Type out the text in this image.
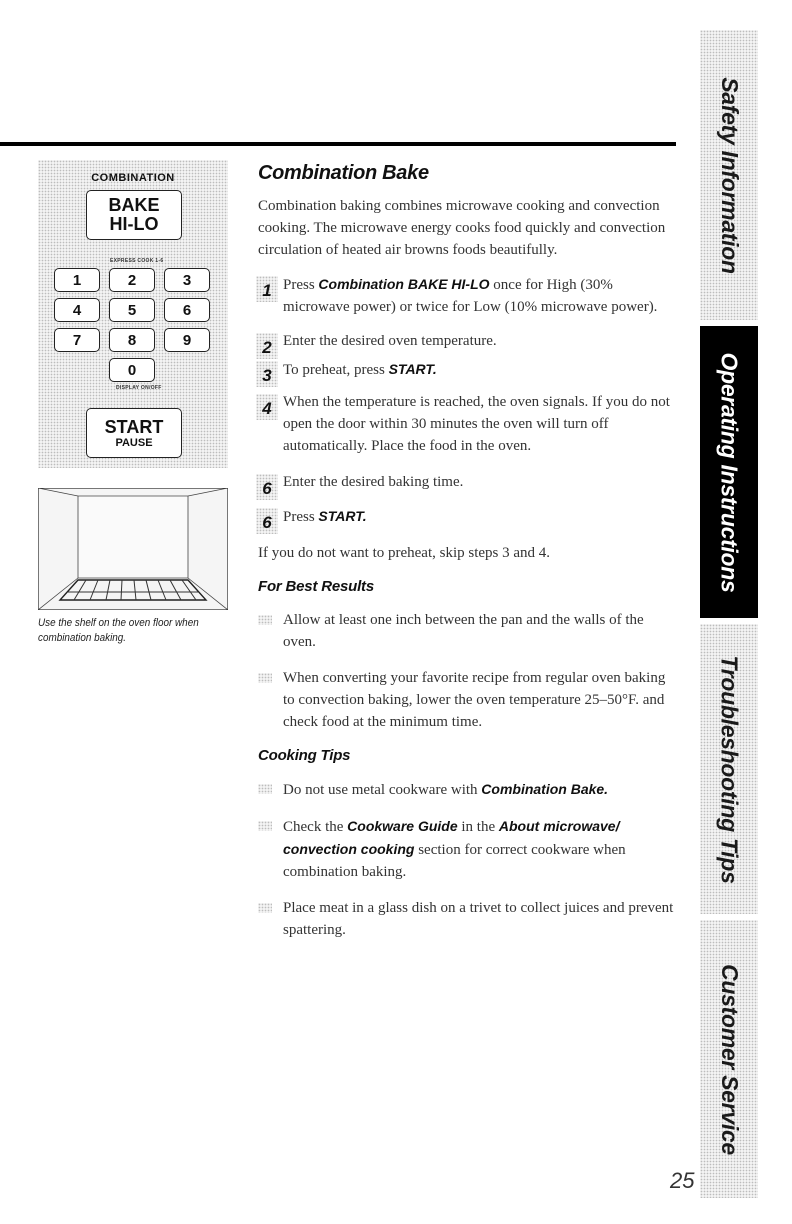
Safety Information
Operating Instructions
Troubleshooting Tips
Customer Service
COMBINATION
BAKE
HI-LO
EXPRESS COOK 1-6
1	2	3
4	5	6
7	8	9
0
DISPLAY ON/OFF
START
PAUSE
Use the shelf on the oven floor when combination baking.
Combination Bake

Combination baking combines microwave cooking and convection cooking. The microwave energy cooks food quickly and convection circulation of heated air browns foods beautifully.

1 Press Combination BAKE HI-LO once for High (30% microwave power) or twice for Low (10% microwave power).
2 Enter the desired oven temperature.
3 To preheat, press START.
4 When the temperature is reached, the oven signals. If you do not open the door within 30 minutes the oven will turn off automatically. Place the food in the oven.
6 Enter the desired baking time.
6 Press START.

If you do not want to preheat, skip steps 3 and 4.

For Best Results
Allow at least one inch between the pan and the walls of the oven.
When converting your favorite recipe from regular oven baking to convection baking, lower the oven temperature 25–50°F. and check food at the minimum time.
Cooking Tips
Do not use metal cookware with Combination Bake.
Check the Cookware Guide in the About microwave/ convection cooking section for correct cookware when combination baking.
Place meat in a glass dish on a trivet to collect juices and prevent spattering.
25
